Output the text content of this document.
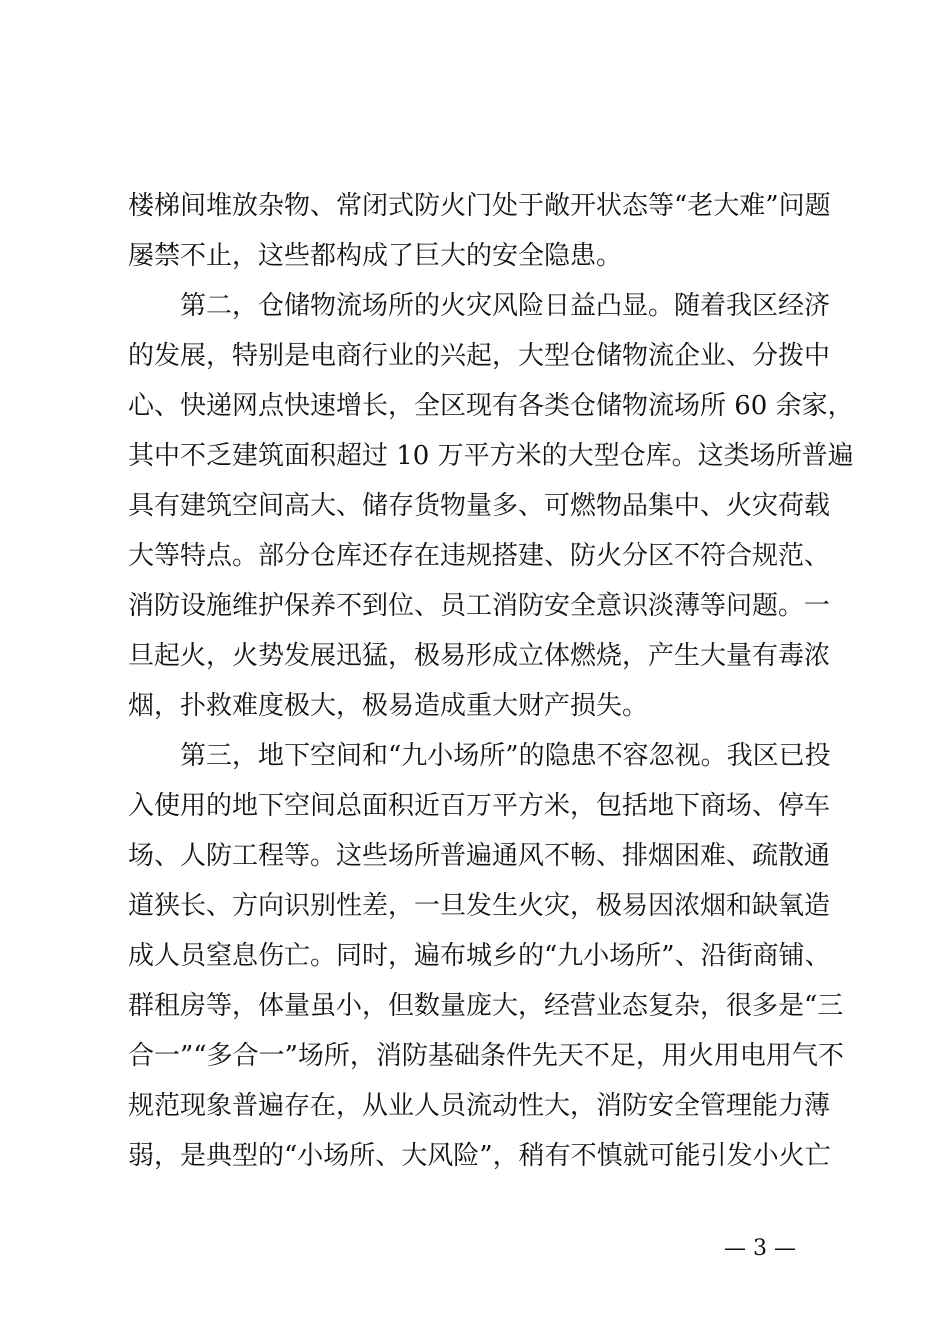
楼梯间堆放杂物、常闭式防火门处于敞开状态等“老大难”问题
屡禁不止，这些都构成了巨大的安全隐患。
第二，仓储物流场所的火灾风险日益凸显。随着我区经济
的发展，特别是电商行业的兴起，大型仓储物流企业、分拨中
心、快递网点快速增长，全区现有各类仓储物流场所 60 余家，
其中不乏建筑面积超过 10 万平方米的大型仓库。这类场所普遍
具有建筑空间高大、储存货物量多、可燃物品集中、火灾荷载
大等特点。部分仓库还存在违规搭建、防火分区不符合规范、
消防设施维护保养不到位、员工消防安全意识淡薄等问题。一
旦起火，火势发展迅猛，极易形成立体燃烧，产生大量有毒浓
烟，扑救难度极大，极易造成重大财产损失。
第三，地下空间和“九小场所”的隐患不容忽视。我区已投
入使用的地下空间总面积近百万平方米，包括地下商场、停车
场、人防工程等。这些场所普遍通风不畅、排烟困难、疏散通
道狭长、方向识别性差，一旦发生火灾，极易因浓烟和缺氧造
成人员窒息伤亡。同时，遍布城乡的“九小场所”、沿街商铺、
群租房等，体量虽小，但数量庞大，经营业态复杂，很多是“三
合一”“多合一”场所，消防基础条件先天不足，用火用电用气不
规范现象普遍存在，从业人员流动性大，消防安全管理能力薄
弱，是典型的“小场所、大风险”，稍有不慎就可能引发小火亡
— 3 —
